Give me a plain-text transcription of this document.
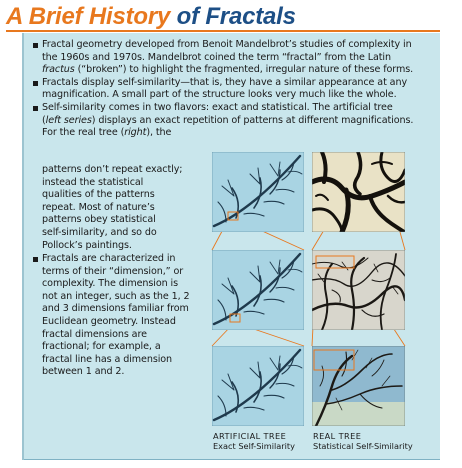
A Brief History of Fractals
Fractal geometry developed from Benoit Mandelbrot’s studies of complexity in
the 1960s and 1970s. Mandelbrot coined the term “fractal” from the Latin
fractus (“broken”) to highlight the fragmented, irregular nature of these forms.
Fractals display self-similarity—that is, they have a similar appearance at any
magnification. A small part of the structure looks very much like the whole.
Self-similarity comes in two flavors: exact and statistical. The artificial tree
(left series) displays an exact repetition of patterns at different magnifications.
For the real tree (right), the
patterns don’t repeat exactly;
instead the statistical
qualities of the patterns
repeat. Most of nature’s
patterns obey statistical
self-similarity, and so do
Pollock’s paintings.
Fractals are characterized in
terms of their “dimension,” or
complexity. The dimension is
not an integer, such as the 1, 2
and 3 dimensions familiar from
Euclidean geometry. Instead
fractal dimensions are
fractional; for example, a
fractal line has a dimension
between 1 and 2.
ARTIFICIAL TREE
Exact Self-Similarity
REAL TREE
Statistical Self-Similarity
